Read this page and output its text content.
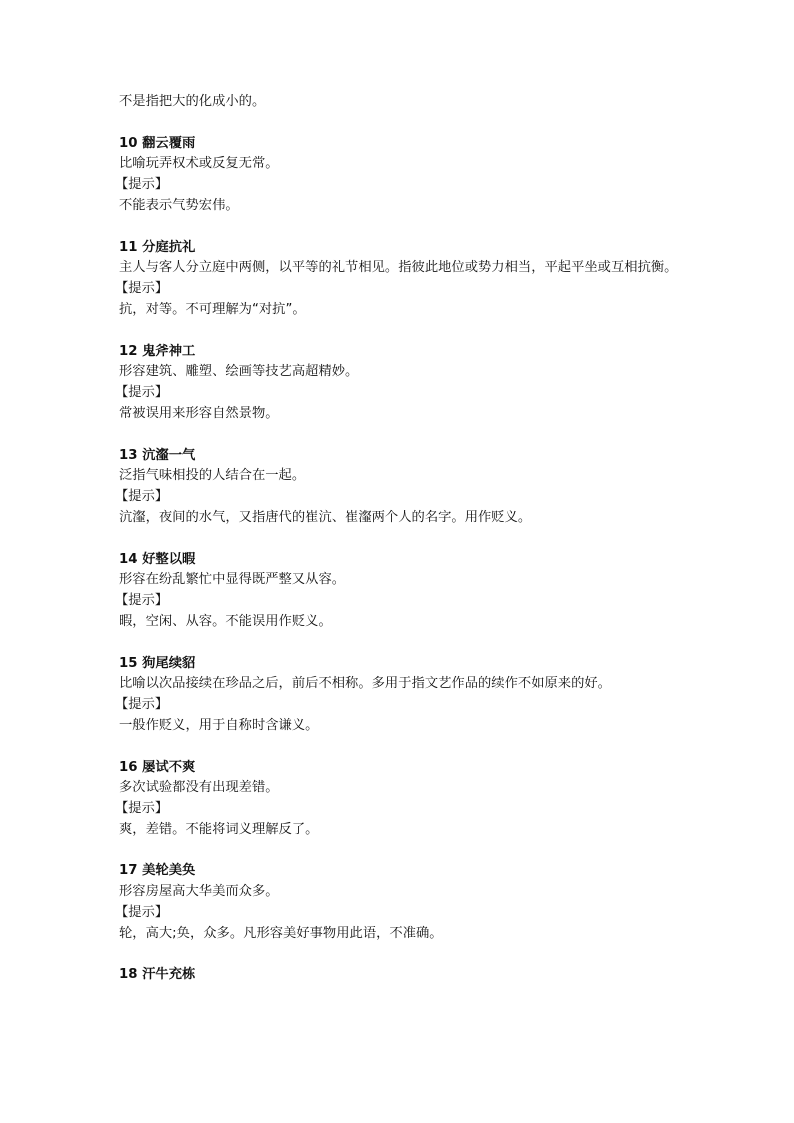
不是指把大的化成小的。

10 翻云覆雨

比喻玩弄权术或反复无常。

【提示】

不能表示气势宏伟。

11 分庭抗礼

主人与客人分立庭中两侧，以平等的礼节相见。指彼此地位或势力相当，平起平坐或互相抗衡。

【提示】

抗，对等。不可理解为“对抗”。

12 鬼斧神工

形容建筑、雕塑、绘画等技艺高超精妙。

【提示】

常被误用来形容自然景物。

13 沆瀣一气

泛指气味相投的人结合在一起。

【提示】

沆瀣，夜间的水气，又指唐代的崔沆、崔瀣两个人的名字。用作贬义。

14 好整以暇

形容在纷乱繁忙中显得既严整又从容。

【提示】

暇，空闲、从容。不能误用作贬义。

15 狗尾续貂

比喻以次品接续在珍品之后，前后不相称。多用于指文艺作品的续作不如原来的好。

【提示】

一般作贬义，用于自称时含谦义。

16 屡试不爽

多次试验都没有出现差错。

【提示】

爽，差错。不能将词义理解反了。

17 美轮美奂

形容房屋高大华美而众多。

【提示】

轮，高大;奂，众多。凡形容美好事物用此语，不准确。

18 汗牛充栋
